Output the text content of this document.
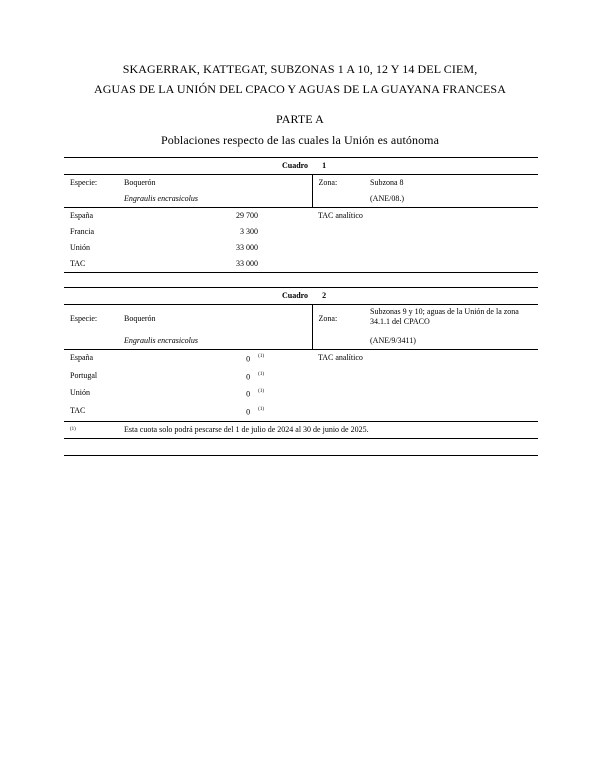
SKAGERRAK, KATTEGAT, SUBZONAS 1 A 10, 12 Y 14 DEL CIEM,
AGUAS DE LA UNIÓN DEL CPACO Y AGUAS DE LA GUAYANA FRANCESA
PARTE A
Poblaciones respecto de las cuales la Unión es autónoma
Cuadro 1			
Especie:	Boquerón	Zona:	Subzona 8
	Engraulis encrasicolus		(ANE/08.)
España 29 700		TAC analítico	
Francia 3 300			

Unión 33 000			

TAC 33 000			

Cuadro 2			
Especie:	Boquerón	Zona:	Subzonas 9 y 10; aguas de la Unión de la zona 34.1.1 del CPACO
	Engraulis encrasicolus		(ANE/9/3411)
España 0 $^{(1)}$		TAC analítico	
Portugal 0 $^{(1)}$

Unión 0 $^{(1)}$

TAC 0 $^{(1)}$

(1)	Esta cuota solo podrá pescarse del 1 de julio de 2024 al 30 de junio de 2025.		
